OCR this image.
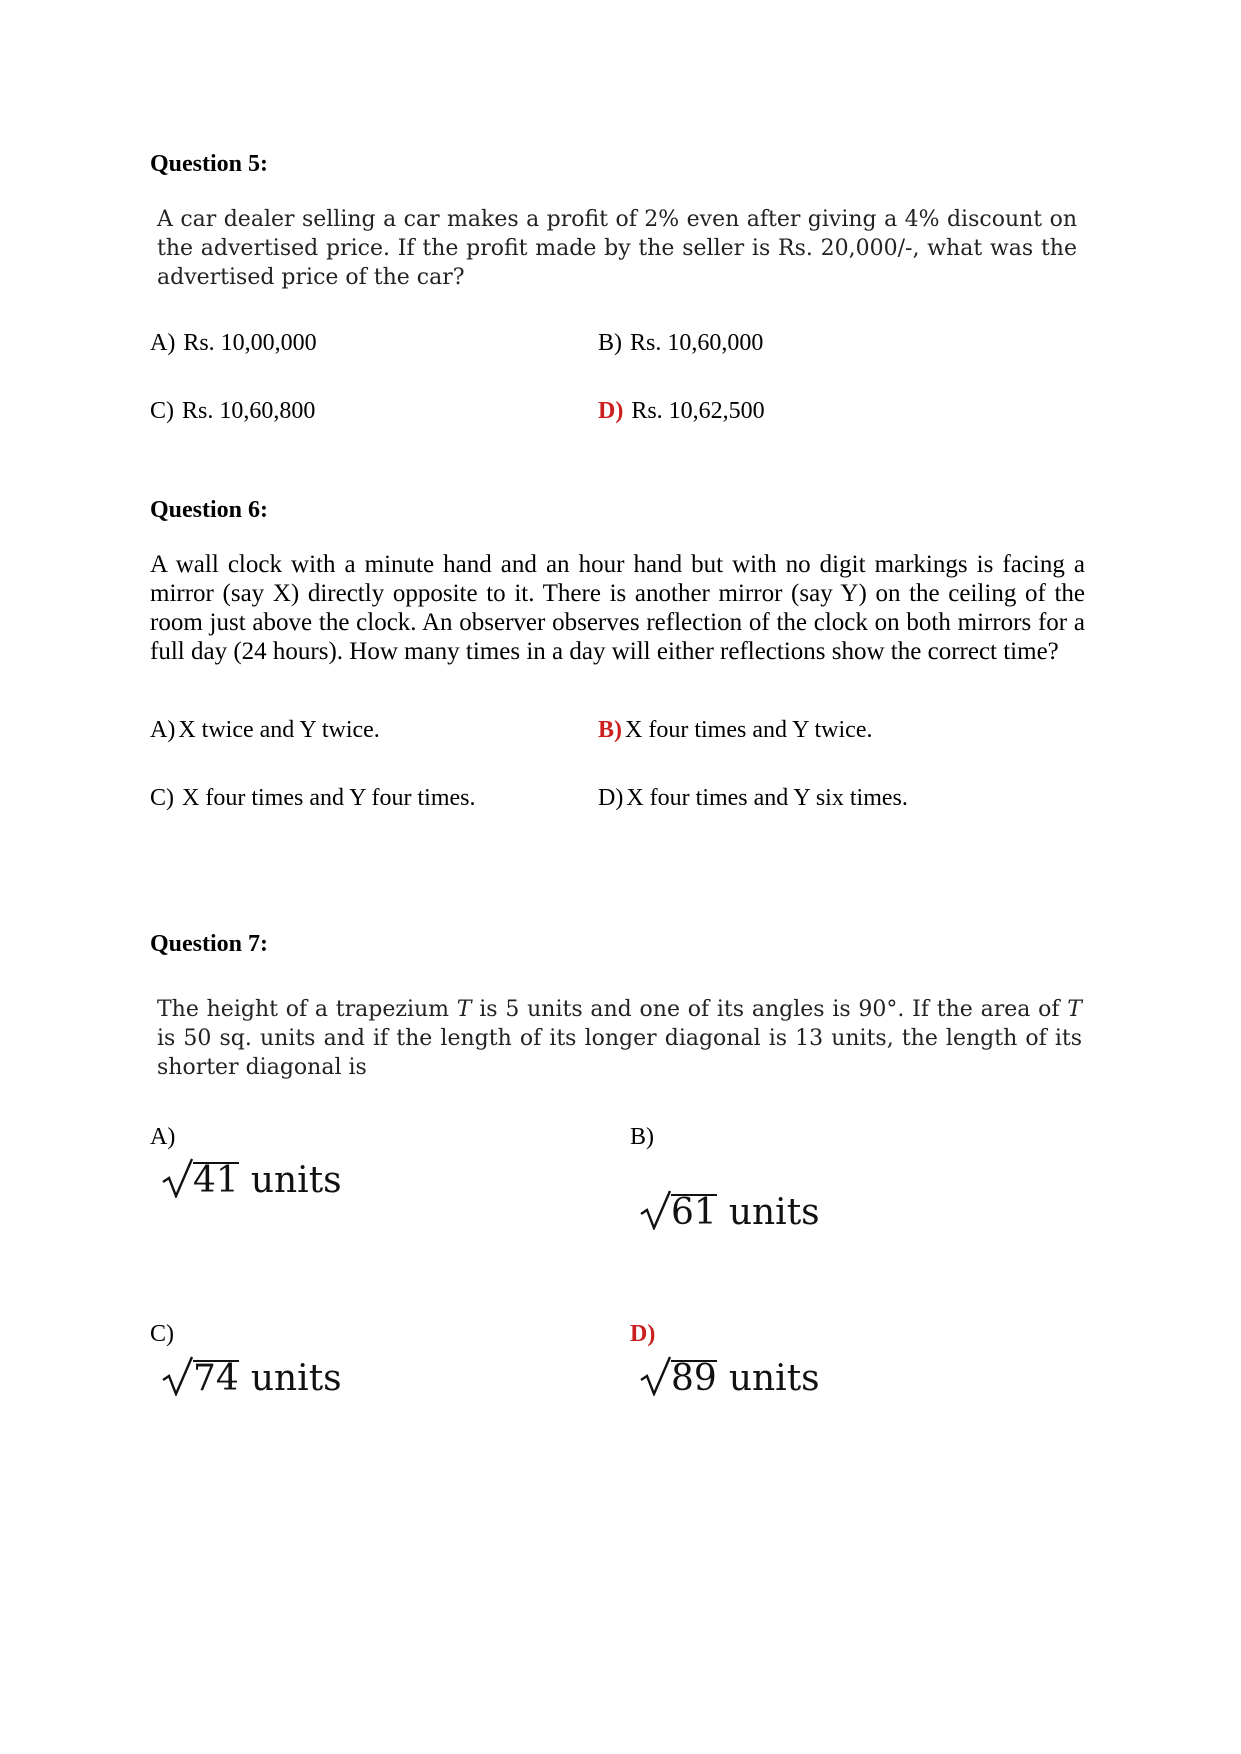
Question 5:
A car dealer selling a car makes a profit of 2% even after giving a 4% discount on the advertised price. If the profit made by the seller is Rs. 20,000/-, what was the advertised price of the car?
A) Rs. 10,00,000	B) Rs. 10,60,000
C) Rs. 10,60,800	D) Rs. 10,62,500
Question 6:
A wall clock with a minute hand and an hour hand but with no digit markings is facing a mirror (say X) directly opposite to it. There is another mirror (say Y) on the ceiling of the room just above the clock. An observer observes reflection of the clock on both mirrors for a full day (24 hours). How many times in a day will either reflections show the correct time?
A) X twice and Y twice.	B) X four times and Y twice.
C) X four times and Y four times.	D) X four times and Y six times.
Question 7:
The height of a trapezium T is 5 units and one of its angles is 90°. If the area of T is 50 sq. units and if the length of its longer diagonal is 13 units, the length of its shorter diagonal is
A)
41 units
B)
61 units
C)
74 units
D)
89 units
